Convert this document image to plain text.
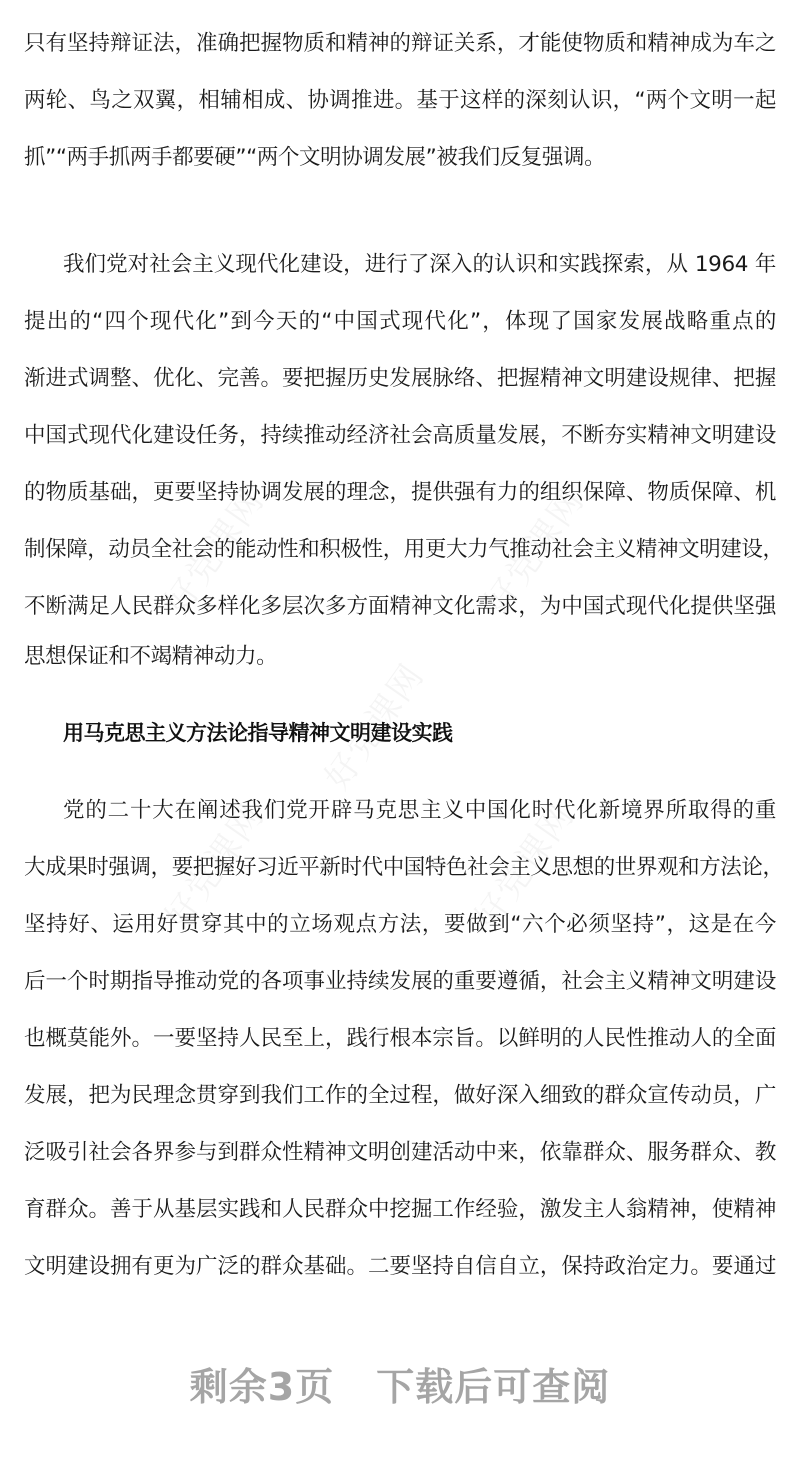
只有坚持辩证法，准确把握物质和精神的辩证关系，才能使物质和精神成为车之
两轮、鸟之双翼，相辅相成、协调推进。基于这样的深刻认识，“两个文明一起
抓”“两手抓两手都要硬”“两个文明协调发展”被我们反复强调。
我们党对社会主义现代化建设，进行了深入的认识和实践探索，从 1964 年
提出的“四个现代化”到今天的“中国式现代化”，体现了国家发展战略重点的
渐进式调整、优化、完善。要把握历史发展脉络、把握精神文明建设规律、把握
中国式现代化建设任务，持续推动经济社会高质量发展，不断夯实精神文明建设
的物质基础，更要坚持协调发展的理念，提供强有力的组织保障、物质保障、机
制保障，动员全社会的能动性和积极性，用更大力气推动社会主义精神文明建设，
不断满足人民群众多样化多层次多方面精神文化需求，为中国式现代化提供坚强
思想保证和不竭精神动力。
用马克思主义方法论指导精神文明建设实践
党的二十大在阐述我们党开辟马克思主义中国化时代化新境界所取得的重
大成果时强调，要把握好习近平新时代中国特色社会主义思想的世界观和方法论，
坚持好、运用好贯穿其中的立场观点方法，要做到“六个必须坚持”，这是在今
后一个时期指导推动党的各项事业持续发展的重要遵循，社会主义精神文明建设
也概莫能外。一要坚持人民至上，践行根本宗旨。以鲜明的人民性推动人的全面
发展，把为民理念贯穿到我们工作的全过程，做好深入细致的群众宣传动员，广
泛吸引社会各界参与到群众性精神文明创建活动中来，依靠群众、服务群众、教
育群众。善于从基层实践和人民群众中挖掘工作经验，激发主人翁精神，使精神
文明建设拥有更为广泛的群众基础。二要坚持自信自立，保持政治定力。要通过
剩余3页 下载后可查阅
